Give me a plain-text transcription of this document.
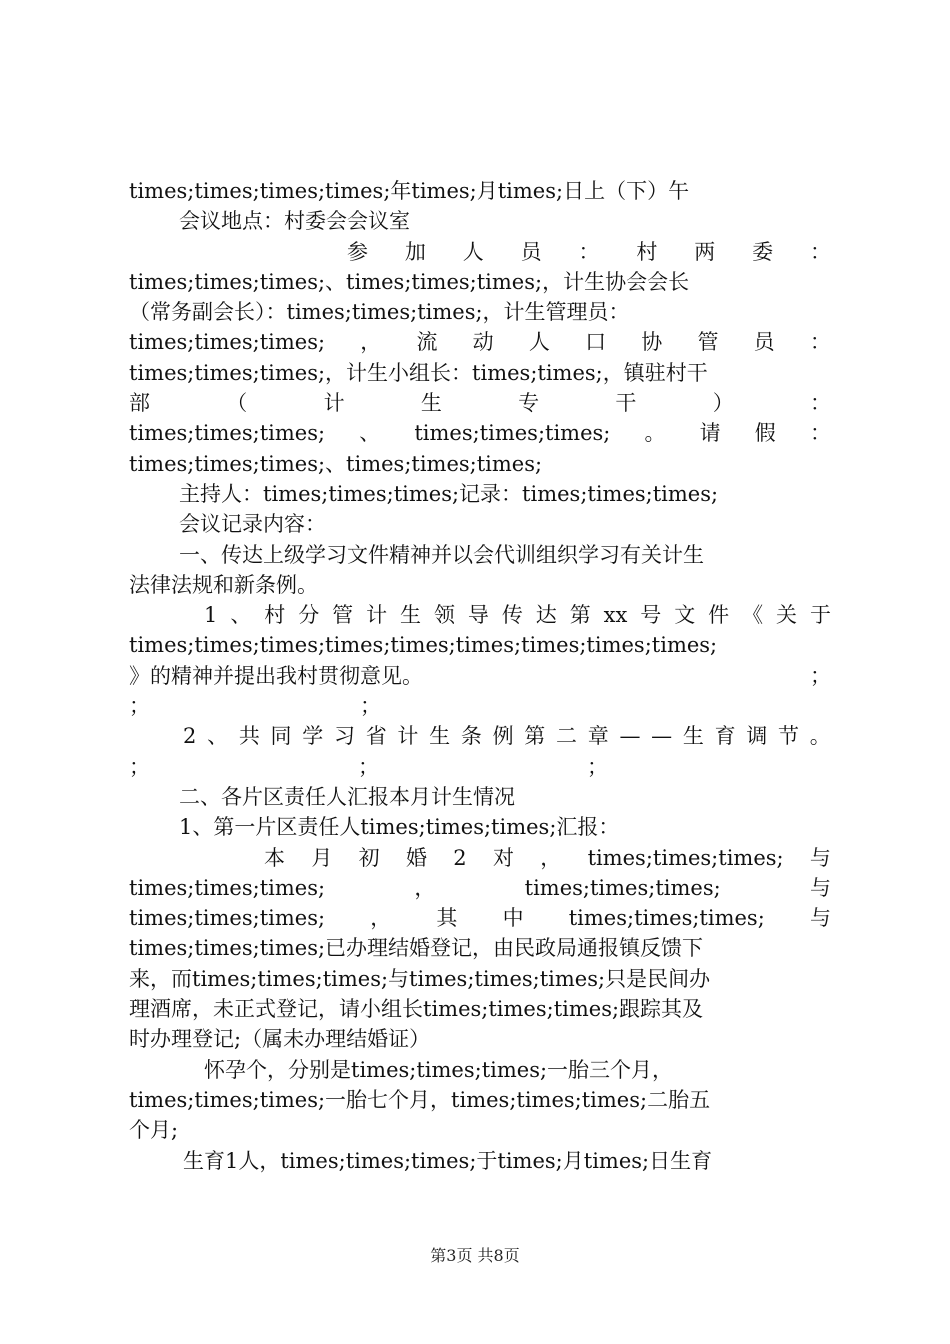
times;times;times;times;年times;月times;日上（下）午
会议地点：村委会会议室
参 加 人 员 ： 村 两 委 ：
times;times;times;、times;times;times;，计生协会会长
（常务副会长）：times;times;times;，计生管理员：
times;times;times; ， 流 动 人 口 协 管 员 ：
times;times;times;，计生小组长：times;times;，镇驻村干
部	（	计	生	专	干	）	：
times;times;times; 、 times;times;times; 。 请 假 ：
times;times;times;、times;times;times;
主持人：times;times;times;记录：times;times;times;
会议记录内容：
一、传达上级学习文件精神并以会代训组织学习有关计生
法律法规和新条例。
1 、 村 分 管 计 生 领 导 传 达 第 xx 号 文 件 《 关 于
times;times;times;times;times;times;times;times;times;
》的精神并提出我村贯彻意见。	；
；	；
2 、 共 同 学 习 省 计 生 条 例 第 二 章 — — 生 育 调 节 。
；	；	；
二、各片区责任人汇报本月计生情况
1、第一片区责任人times;times;times;汇报：
本 月 初 婚 2 对 ， times;times;times; 与
times;times;times;	，	times;times;times;	与
times;times;times; ， 其 中 times;times;times; 与
times;times;times;已办理结婚登记，由民政局通报镇反馈下
来，而times;times;times;与times;times;times;只是民间办
理酒席，未正式登记，请小组长times;times;times;跟踪其及
时办理登记;（属未办理结婚证）
怀孕个，分别是times;times;times;一胎三个月，
times;times;times;一胎七个月，times;times;times;二胎五
个月;
生育1人，times;times;times;于times;月times;日生育
第3页 共8页
